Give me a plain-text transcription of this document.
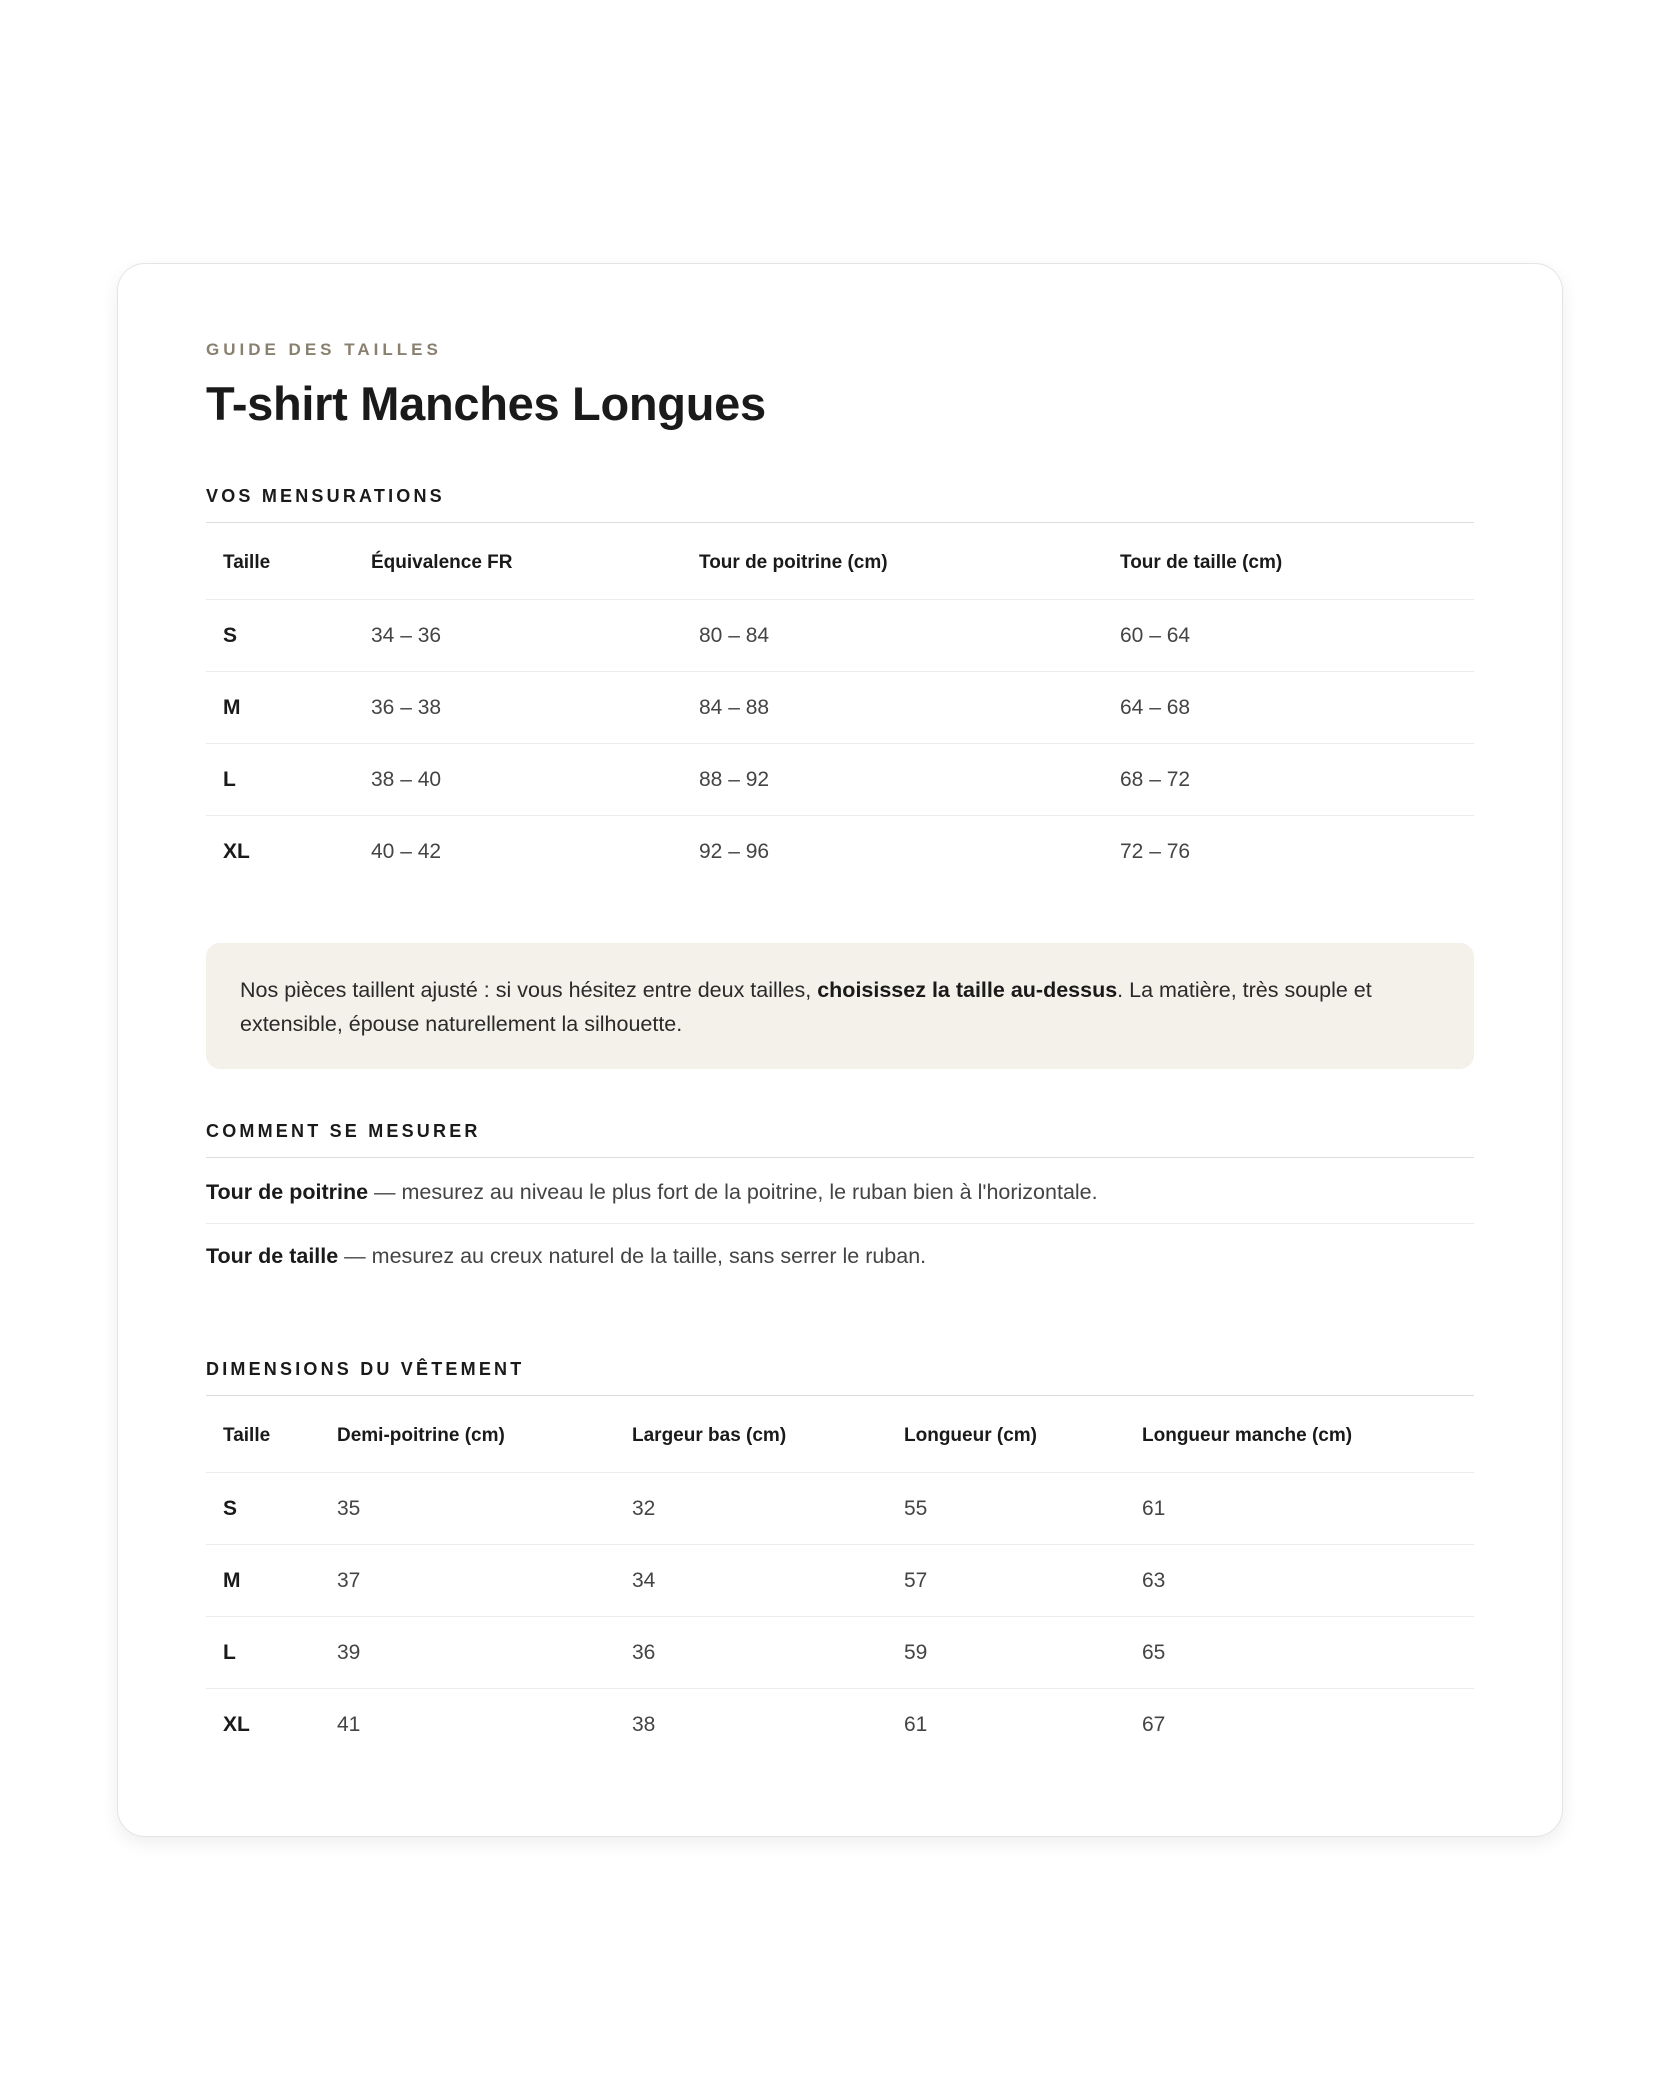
GUIDE DES TAILLES
T-shirt Manches Longues
VOS MENSURATIONS
Taille	Équivalence FR	Tour de poitrine (cm)	Tour de taille (cm)
S	34 – 36	80 – 84	60 – 64
M	36 – 38	84 – 88	64 – 68
L	38 – 40	88 – 92	68 – 72
XL	40 – 42	92 – 96	72 – 76
Nos pièces taillent ajusté : si vous hésitez entre deux tailles, choisissez la taille au-dessus. La matière, très souple et extensible, épouse naturellement la silhouette.
COMMENT SE MESURER
Tour de poitrine — mesurez au niveau le plus fort de la poitrine, le ruban bien à l'horizontale.
Tour de taille — mesurez au creux naturel de la taille, sans serrer le ruban.
DIMENSIONS DU VÊTEMENT
Taille	Demi-poitrine (cm)	Largeur bas (cm)	Longueur (cm)	Longueur manche (cm)
S	35	32	55	61
M	37	34	57	63
L	39	36	59	65
XL	41	38	61	67
